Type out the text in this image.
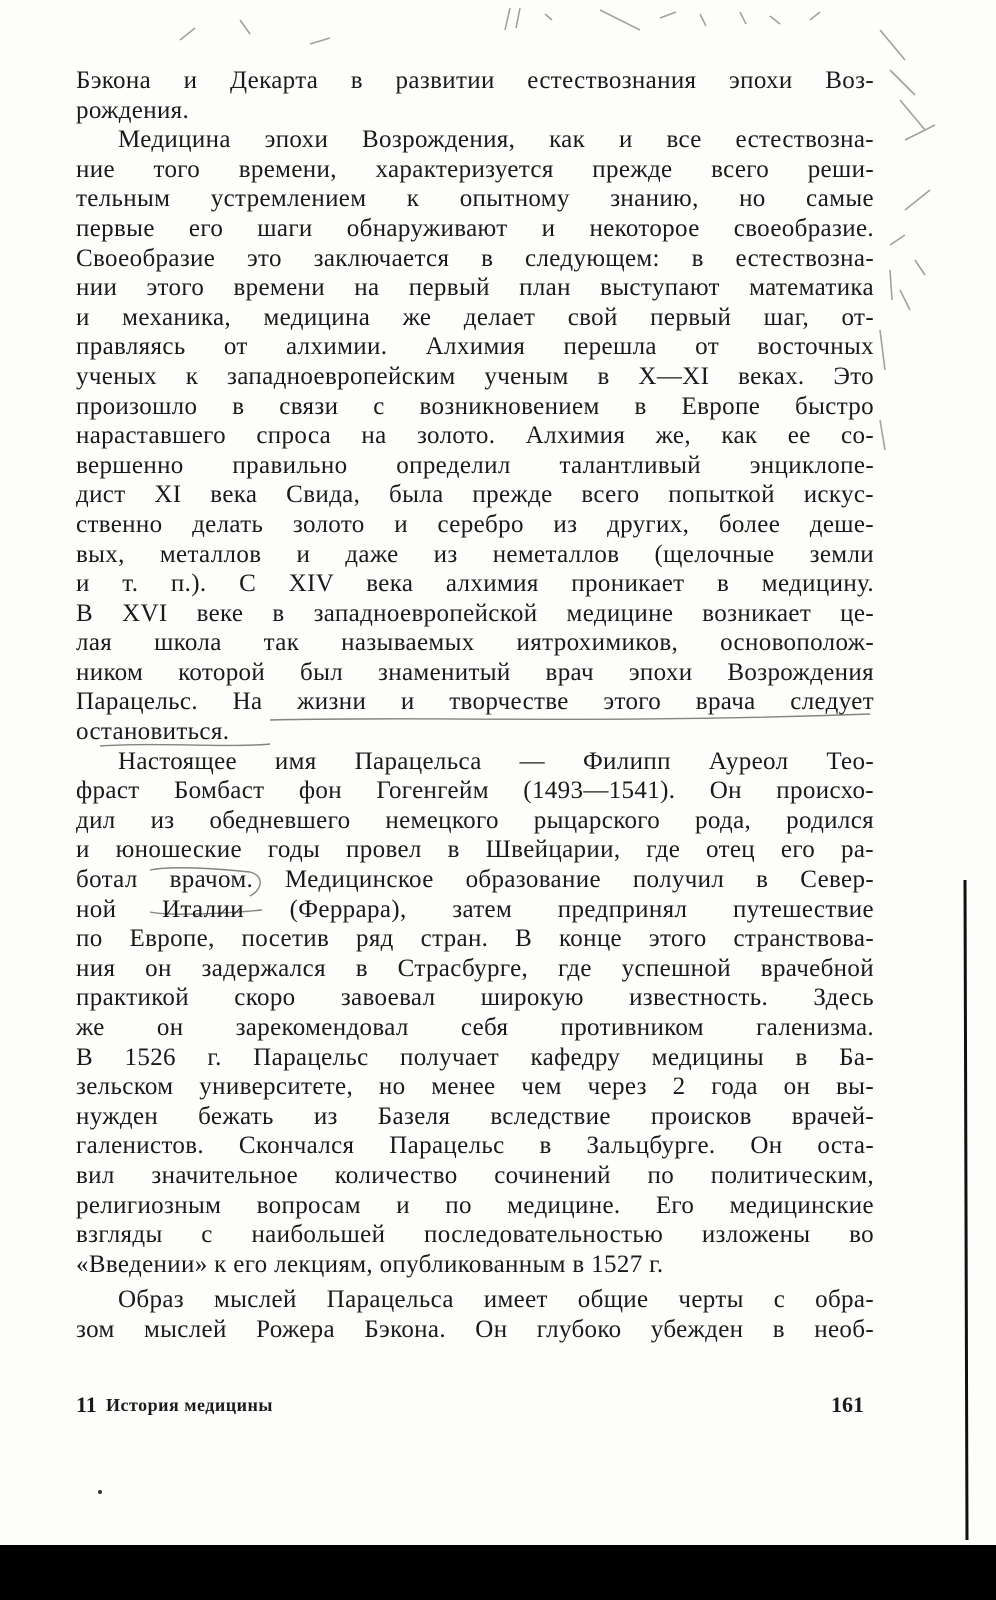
Бэкона и Декарта в развитии естествознания эпохи Воз-
рождения.
Медицина эпохи Возрождения, как и все естествозна-
ние того времени, характеризуется прежде всего реши-
тельным устремлением к опытному знанию, но самые
первые его шаги обнаруживают и некоторое своеобразие.
Своеобразие это заключается в следующем: в естествозна-
нии этого времени на первый план выступают математика
и механика, медицина же делает свой первый шаг, от-
правляясь от алхимии. Алхимия перешла от восточных
ученых к западноевропейским ученым в X—XI веках. Это
произошло в связи с возникновением в Европе быстро
нараставшего спроса на золото. Алхимия же, как ее со-
вершенно правильно определил талантливый энциклопе-
дист XI века Свида, была прежде всего попыткой искус-
ственно делать золото и серебро из других, более деше-
вых, металлов и даже из неметаллов (щелочные земли
и т. п.). С XIV века алхимия проникает в медицину.
В XVI веке в западноевропейской медицине возникает це-
лая школа так называемых иятрохимиков, основополож-
ником которой был знаменитый врач эпохи Возрождения
Парацельс. На жизни и творчестве этого врача следует
остановиться.
Настоящее имя Парацельса — Филипп Ауреол Тео-
фраст Бомбаст фон Гогенгейм (1493—1541). Он происхо-
дил из обедневшего немецкого рыцарского рода, родился
и юношеские годы провел в Швейцарии, где отец его ра-
ботал врачом. Медицинское образование получил в Север-
ной Италии (Феррара), затем предпринял путешествие
по Европе, посетив ряд стран. В конце этого странствова-
ния он задержался в Страсбурге, где успешной врачебной
практикой скоро завоевал широкую известность. Здесь
же он зарекомендовал себя противником галенизма.
В 1526 г. Парацельс получает кафедру медицины в Ба-
зельском университете, но менее чем через 2 года он вы-
нужден бежать из Базеля вследствие происков врачей-
галенистов. Скончался Парацельс в Зальцбурге. Он оста-
вил значительное количество сочинений по политическим,
религиозным вопросам и по медицине. Его медицинские
взгляды с наибольшей последовательностью изложены во
«Введении» к его лекциям, опубликованным в 1527 г.
Образ мыслей Парацельса имеет общие черты с обра-
зом мыслей Рожера Бэкона. Он глубоко убежден в необ-
11 История медицины	161
